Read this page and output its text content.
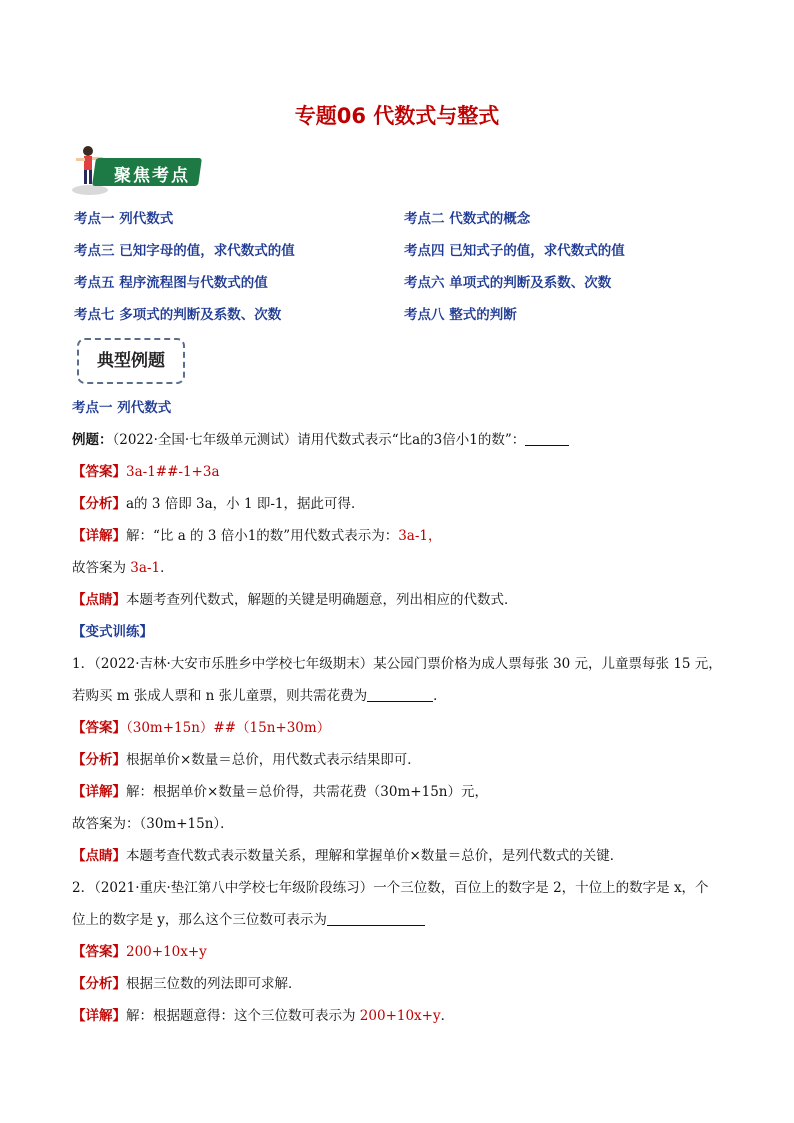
专题06 代数式与整式
聚焦考点
考点一 列代数式	考点二 代数式的概念
考点三 已知字母的值，求代数式的值	考点四 已知式子的值，求代数式的值
考点五 程序流程图与代数式的值	考点六 单项式的判断及系数、次数
考点七 多项式的判断及系数、次数	考点八 整式的判断
典型例题
考点一 列代数式
例题：（2022·全国·七年级单元测试）请用代数式表示“比a的3倍小1的数”：
【答案】3a-1##-1+3a
【分析】a的 3 倍即 3a，小 1 即-1，据此可得．
【详解】解：“比 a 的 3 倍小1的数”用代数式表示为：3a-1，
故答案为 3a-1．
【点睛】本题考查列代数式，解题的关键是明确题意，列出相应的代数式．
【变式训练】
1．（2022·吉林·大安市乐胜乡中学校七年级期末）某公园门票价格为成人票每张 30 元，儿童票每张 15 元，
若购买 m 张成人票和 n 张儿童票，则共需花费为	．
【答案】（30m+15n）##（15n+30m）
【分析】根据单价×数量＝总价，用代数式表示结果即可．
【详解】解：根据单价×数量＝总价得，共需花费（30m+15n）元，
故答案为：（30m+15n）．
【点睛】本题考查代数式表示数量关系，理解和掌握单价×数量＝总价，是列代数式的关键．
2．（2021·重庆·垫江第八中学校七年级阶段练习）一个三位数，百位上的数字是 2，十位上的数字是 x，个
位上的数字是 y，那么这个三位数可表示为
【答案】200+10x+y
【分析】根据三位数的列法即可求解．
【详解】解：根据题意得：这个三位数可表示为 200+10x+y．
